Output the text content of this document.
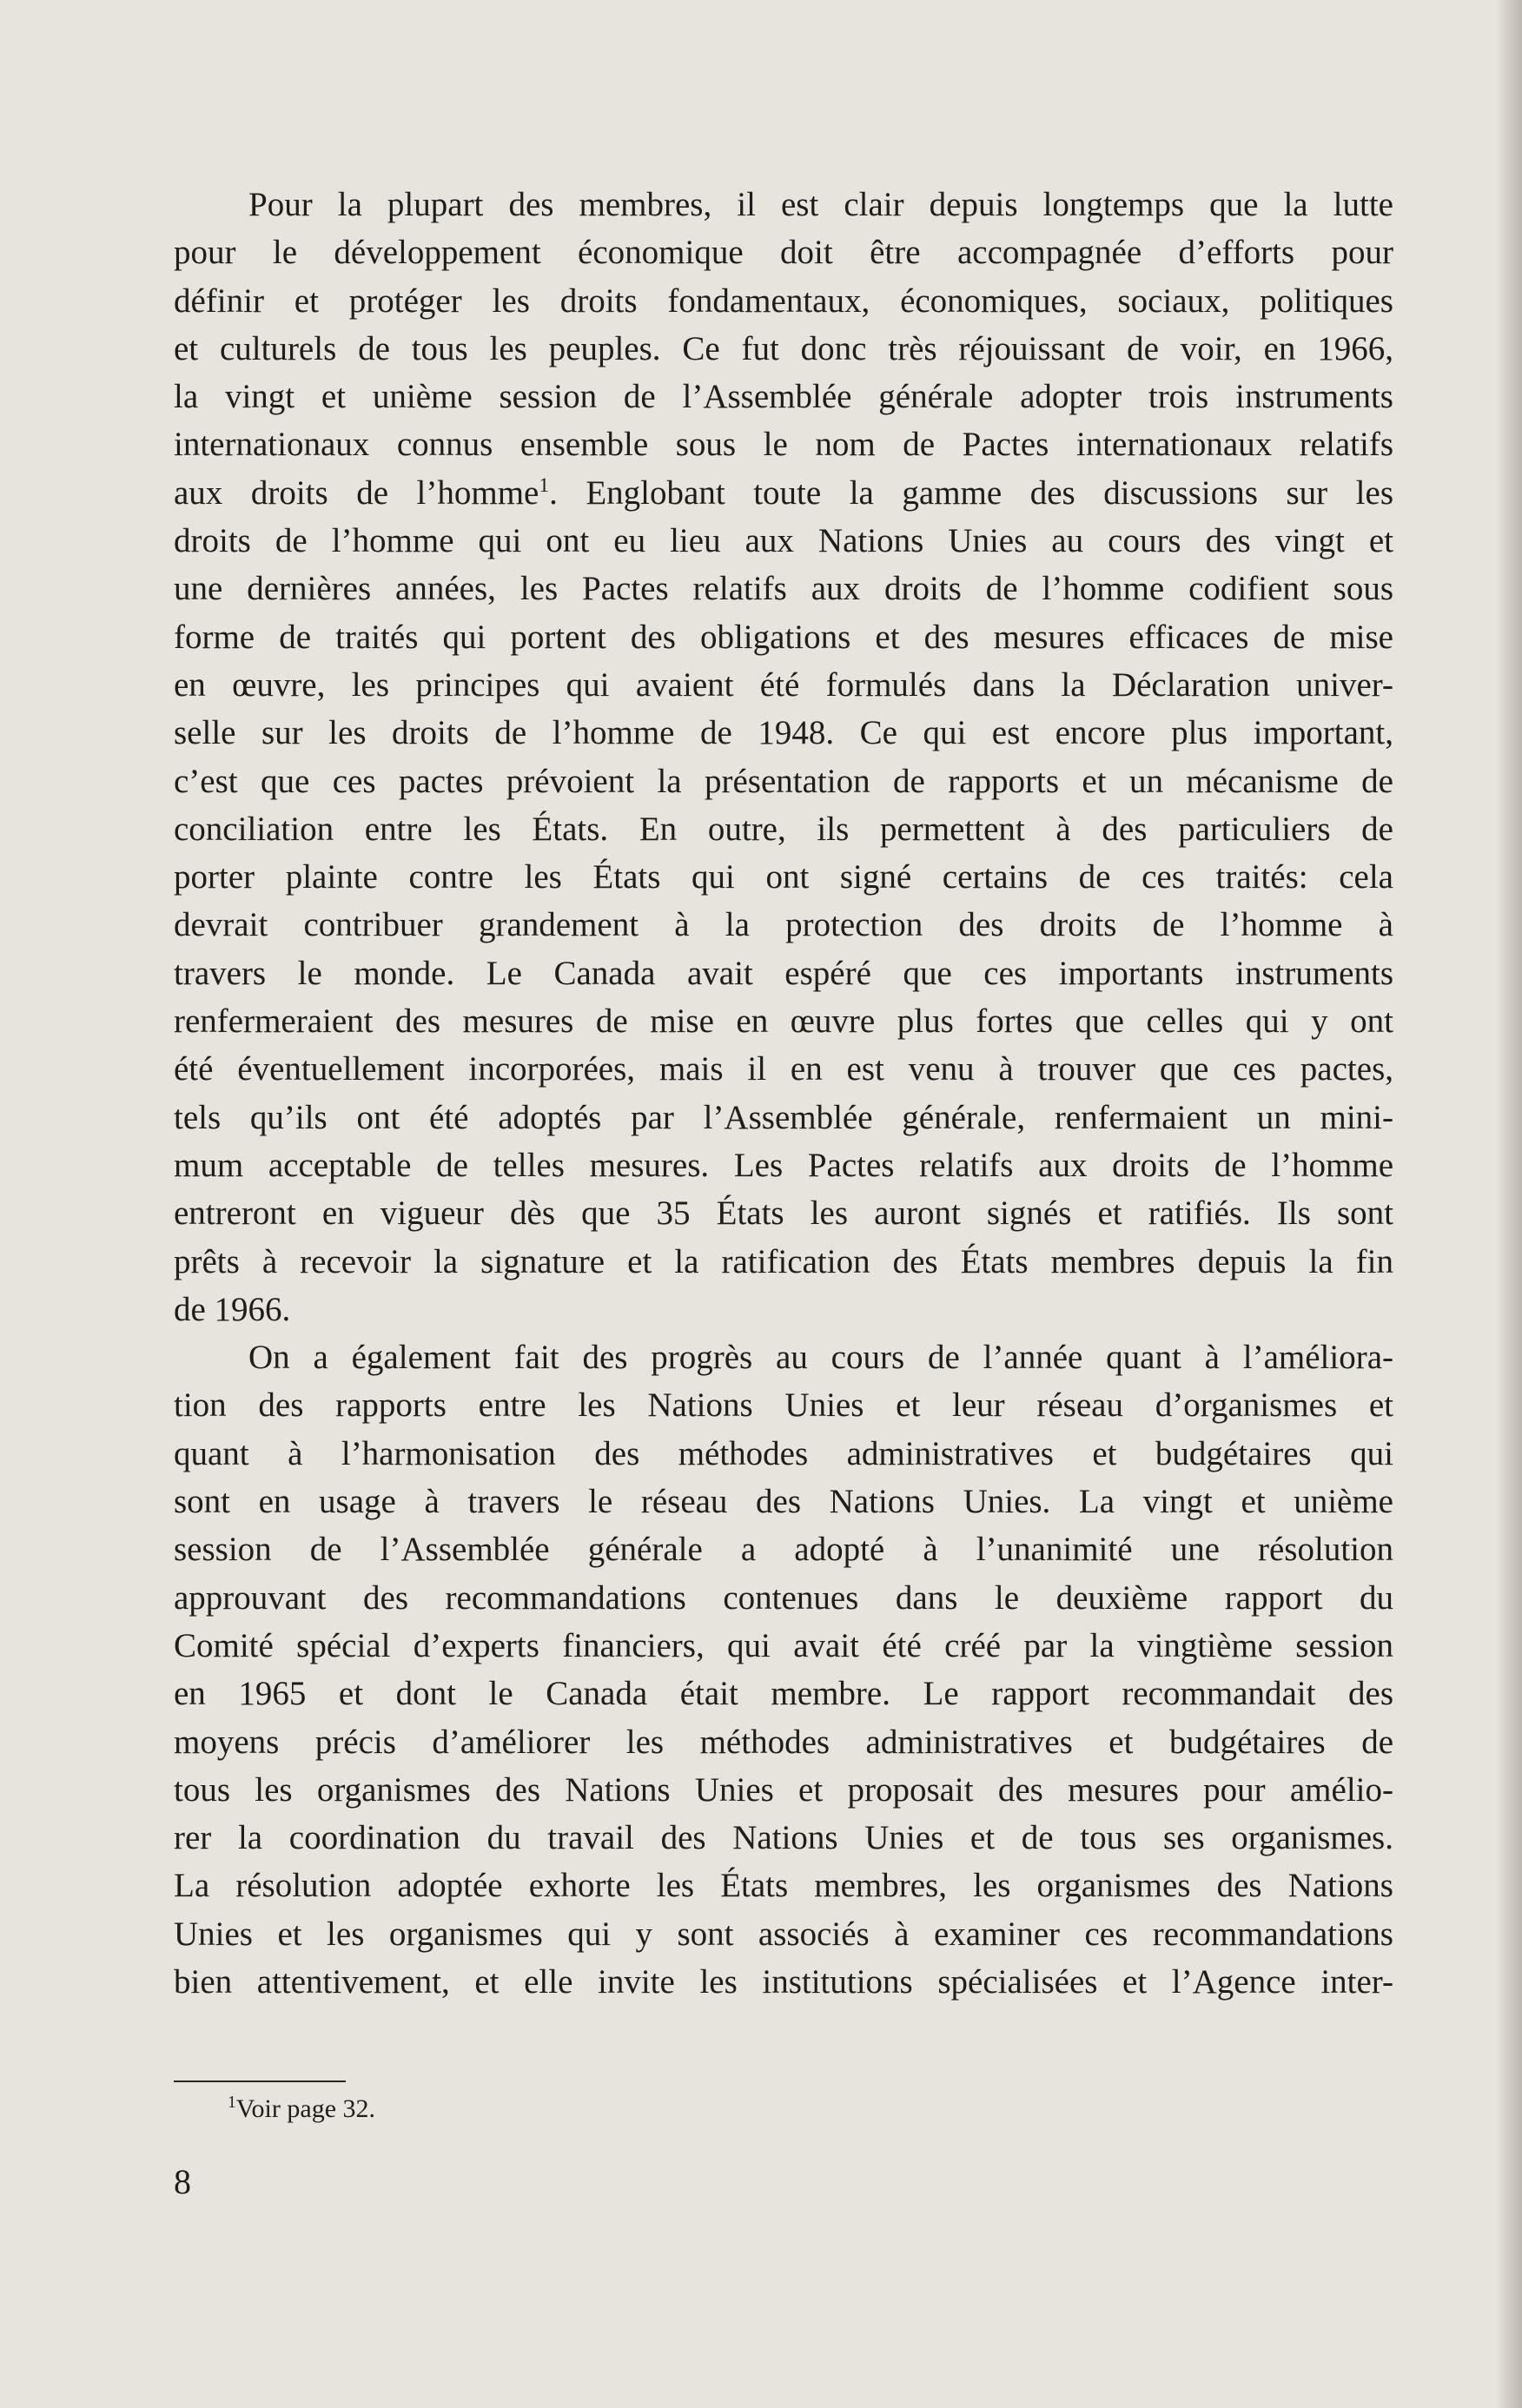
Pour la plupart des membres, il est clair depuis longtemps que la lutte
pour le développement économique doit être accompagnée d’efforts pour
définir et protéger les droits fondamentaux, économiques, sociaux, politiques
et culturels de tous les peuples. Ce fut donc très réjouissant de voir, en 1966,
la vingt et unième session de l’Assemblée générale adopter trois instruments
internationaux connus ensemble sous le nom de Pactes internationaux relatifs
aux droits de l’homme$^1$. Englobant toute la gamme des discussions sur les
droits de l’homme qui ont eu lieu aux Nations Unies au cours des vingt et
une dernières années, les Pactes relatifs aux droits de l’homme codifient sous
forme de traités qui portent des obligations et des mesures efficaces de mise
en œuvre, les principes qui avaient été formulés dans la Déclaration univer-
selle sur les droits de l’homme de 1948. Ce qui est encore plus important,
c’est que ces pactes prévoient la présentation de rapports et un mécanisme de
conciliation entre les États. En outre, ils permettent à des particuliers de
porter plainte contre les États qui ont signé certains de ces traités: cela
devrait contribuer grandement à la protection des droits de l’homme à
travers le monde. Le Canada avait espéré que ces importants instruments
renfermeraient des mesures de mise en œuvre plus fortes que celles qui y ont
été éventuellement incorporées, mais il en est venu à trouver que ces pactes,
tels qu’ils ont été adoptés par l’Assemblée générale, renfermaient un mini-
mum acceptable de telles mesures. Les Pactes relatifs aux droits de l’homme
entreront en vigueur dès que 35 États les auront signés et ratifiés. Ils sont
prêts à recevoir la signature et la ratification des États membres depuis la fin
de 1966.

On a également fait des progrès au cours de l’année quant à l’améliora-
tion des rapports entre les Nations Unies et leur réseau d’organismes et
quant à l’harmonisation des méthodes administratives et budgétaires qui
sont en usage à travers le réseau des Nations Unies. La vingt et unième
session de l’Assemblée générale a adopté à l’unanimité une résolution
approuvant des recommandations contenues dans le deuxième rapport du
Comité spécial d’experts financiers, qui avait été créé par la vingtième session
en 1965 et dont le Canada était membre. Le rapport recommandait des
moyens précis d’améliorer les méthodes administratives et budgétaires de
tous les organismes des Nations Unies et proposait des mesures pour amélio-
rer la coordination du travail des Nations Unies et de tous ses organismes.
La résolution adoptée exhorte les États membres, les organismes des Nations
Unies et les organismes qui y sont associés à examiner ces recommandations
bien attentivement, et elle invite les institutions spécialisées et l’Agence inter-

$^1$Voir page 32.
8
